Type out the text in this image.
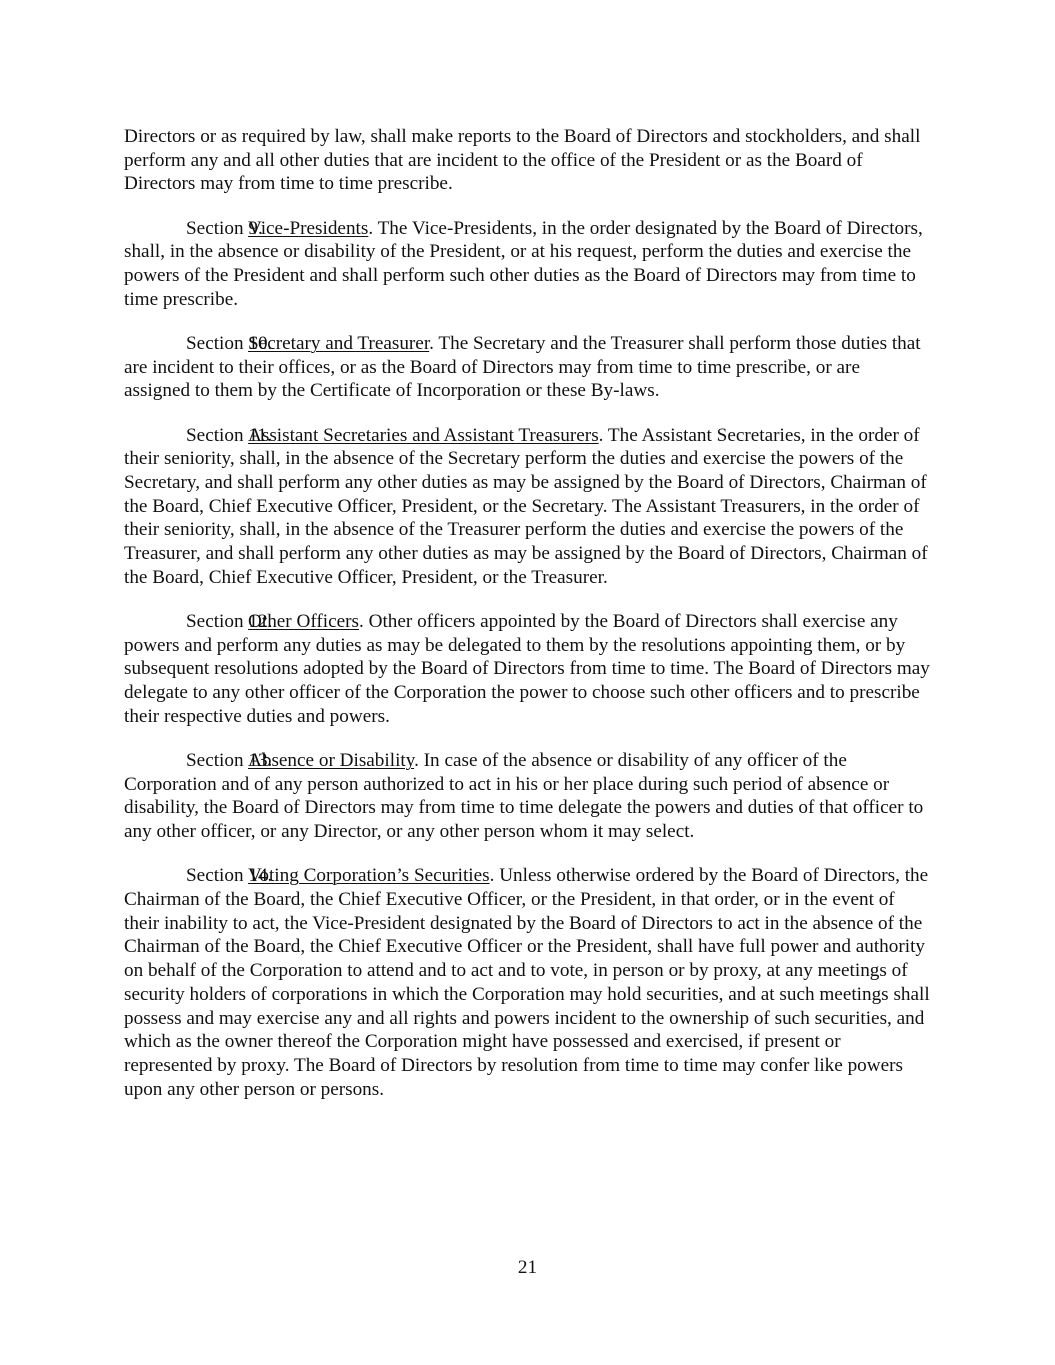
Directors or as required by law, shall make reports to the Board of Directors and stockholders, and shall perform any and all other duties that are incident to the office of the President or as the Board of Directors may from time to time prescribe.

Section 9.Vice-Presidents. The Vice-Presidents, in the order designated by the Board of Directors, shall, in the absence or disability of the President, or at his request, perform the duties and exercise the powers of the President and shall perform such other duties as the Board of Directors may from time to time prescribe.

Section 10.Secretary and Treasurer. The Secretary and the Treasurer shall perform those duties that are incident to their offices, or as the Board of Directors may from time to time prescribe, or are assigned to them by the Certificate of Incorporation or these By-laws.

Section 11.Assistant Secretaries and Assistant Treasurers. The Assistant Secretaries, in the order of their seniority, shall, in the absence of the Secretary perform the duties and exercise the powers of the Secretary, and shall perform any other duties as may be assigned by the Board of Directors, Chairman of the Board, Chief Executive Officer, President, or the Secretary. The Assistant Treasurers, in the order of their seniority, shall, in the absence of the Treasurer perform the duties and exercise the powers of the Treasurer, and shall perform any other duties as may be assigned by the Board of Directors, Chairman of the Board, Chief Executive Officer, President, or the Treasurer.

Section 12.Other Officers. Other officers appointed by the Board of Directors shall exercise any powers and perform any duties as may be delegated to them by the resolutions appointing them, or by subsequent resolutions adopted by the Board of Directors from time to time. The Board of Directors may delegate to any other officer of the Corporation the power to choose such other officers and to prescribe their respective duties and powers.

Section 13.Absence or Disability. In case of the absence or disability of any officer of the Corporation and of any person authorized to act in his or her place during such period of absence or disability, the Board of Directors may from time to time delegate the powers and duties of that officer to any other officer, or any Director, or any other person whom it may select.

Section 14.Voting Corporation’s Securities. Unless otherwise ordered by the Board of Directors, the Chairman of the Board, the Chief Executive Officer, or the President, in that order, or in the event of their inability to act, the Vice-President designated by the Board of Directors to act in the absence of the Chairman of the Board, the Chief Executive Officer or the President, shall have full power and authority on behalf of the Corporation to attend and to act and to vote, in person or by proxy, at any meetings of security holders of corporations in which the Corporation may hold securities, and at such meetings shall possess and may exercise any and all rights and powers incident to the ownership of such securities, and which as the owner thereof the Corporation might have possessed and exercised, if present or represented by proxy. The Board of Directors by resolution from time to time may confer like powers upon any other person or persons.

21
